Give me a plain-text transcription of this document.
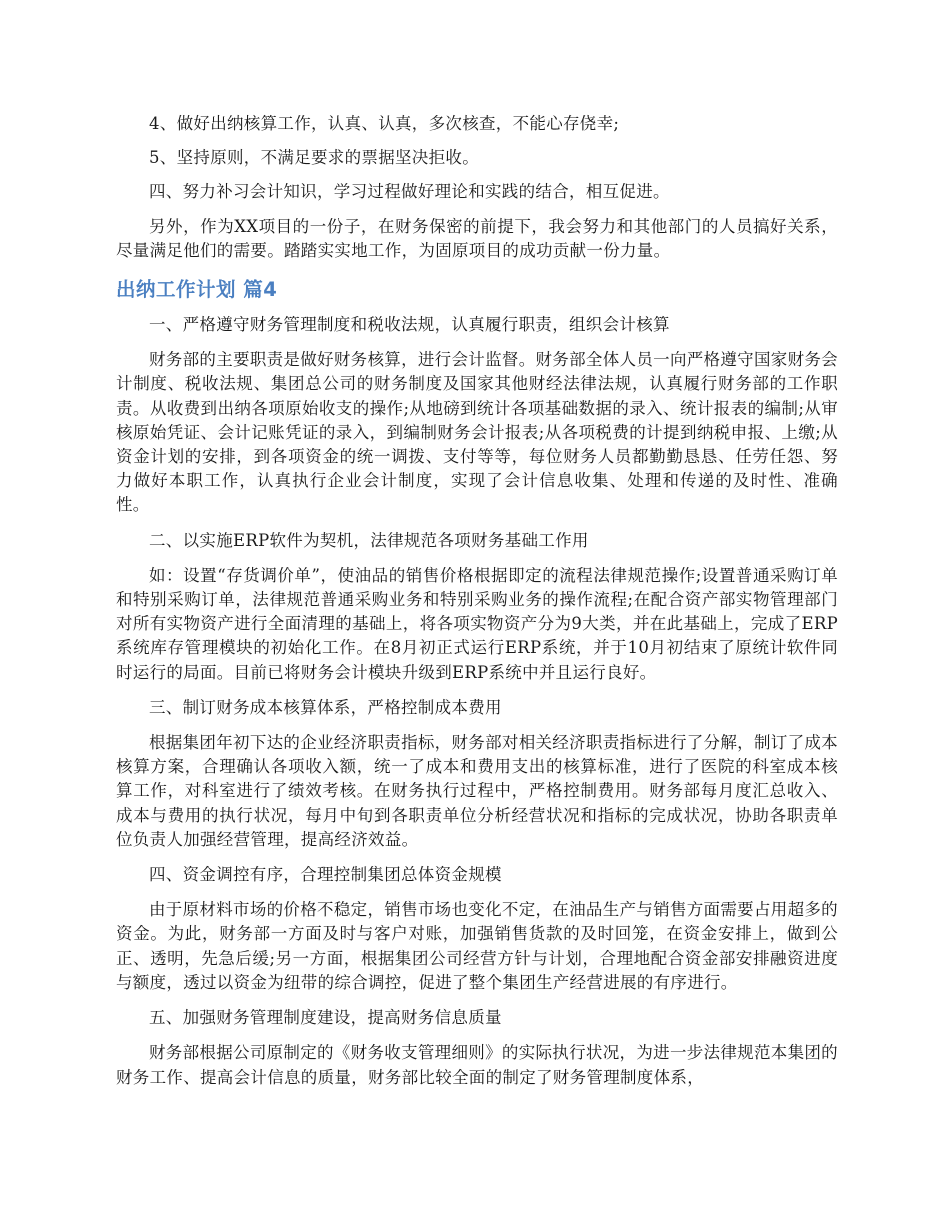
4、做好出纳核算工作，认真、认真，多次核查，不能心存侥幸;

5、坚持原则，不满足要求的票据坚决拒收。

四、努力补习会计知识，学习过程做好理论和实践的结合，相互促进。

另外，作为XX项目的一份子，在财务保密的前提下，我会努力和其他部门的人员搞好关系，尽量满足他们的需要。踏踏实实地工作，为固原项目的成功贡献一份力量。

出纳工作计划 篇4

一、严格遵守财务管理制度和税收法规，认真履行职责，组织会计核算

财务部的主要职责是做好财务核算，进行会计监督。财务部全体人员一向严格遵守国家财务会计制度、税收法规、集团总公司的财务制度及国家其他财经法律法规，认真履行财务部的工作职责。从收费到出纳各项原始收支的操作;从地磅到统计各项基础数据的录入、统计报表的编制;从审核原始凭证、会计记账凭证的录入，到编制财务会计报表;从各项税费的计提到纳税申报、上缴;从资金计划的安排，到各项资金的统一调拨、支付等等，每位财务人员都勤勤恳恳、任劳任怨、努力做好本职工作，认真执行企业会计制度，实现了会计信息收集、处理和传递的及时性、准确性。

二、以实施ERP软件为契机，法律规范各项财务基础工作用

如：设置“存货调价单”，使油品的销售价格根据即定的流程法律规范操作;设置普通采购订单和特别采购订单，法律规范普通采购业务和特别采购业务的操作流程;在配合资产部实物管理部门对所有实物资产进行全面清理的基础上，将各项实物资产分为9大类，并在此基础上，完成了ERP系统库存管理模块的初始化工作。在8月初正式运行ERP系统，并于10月初结束了原统计软件同时运行的局面。目前已将财务会计模块升级到ERP系统中并且运行良好。

三、制订财务成本核算体系，严格控制成本费用

根据集团年初下达的企业经济职责指标，财务部对相关经济职责指标进行了分解，制订了成本核算方案，合理确认各项收入额，统一了成本和费用支出的核算标准，进行了医院的科室成本核算工作，对科室进行了绩效考核。在财务执行过程中，严格控制费用。财务部每月度汇总收入、成本与费用的执行状况，每月中旬到各职责单位分析经营状况和指标的完成状况，协助各职责单位负责人加强经营管理，提高经济效益。

四、资金调控有序，合理控制集团总体资金规模

由于原材料市场的价格不稳定，销售市场也变化不定，在油品生产与销售方面需要占用超多的资金。为此，财务部一方面及时与客户对账，加强销售货款的及时回笼，在资金安排上，做到公正、透明，先急后缓;另一方面，根据集团公司经营方针与计划，合理地配合资金部安排融资进度与额度，透过以资金为纽带的综合调控，促进了整个集团生产经营进展的有序进行。

五、加强财务管理制度建设，提高财务信息质量

财务部根据公司原制定的《财务收支管理细则》的实际执行状况，为进一步法律规范本集团的财务工作、提高会计信息的质量，财务部比较全面的制定了财务管理制度体系，
